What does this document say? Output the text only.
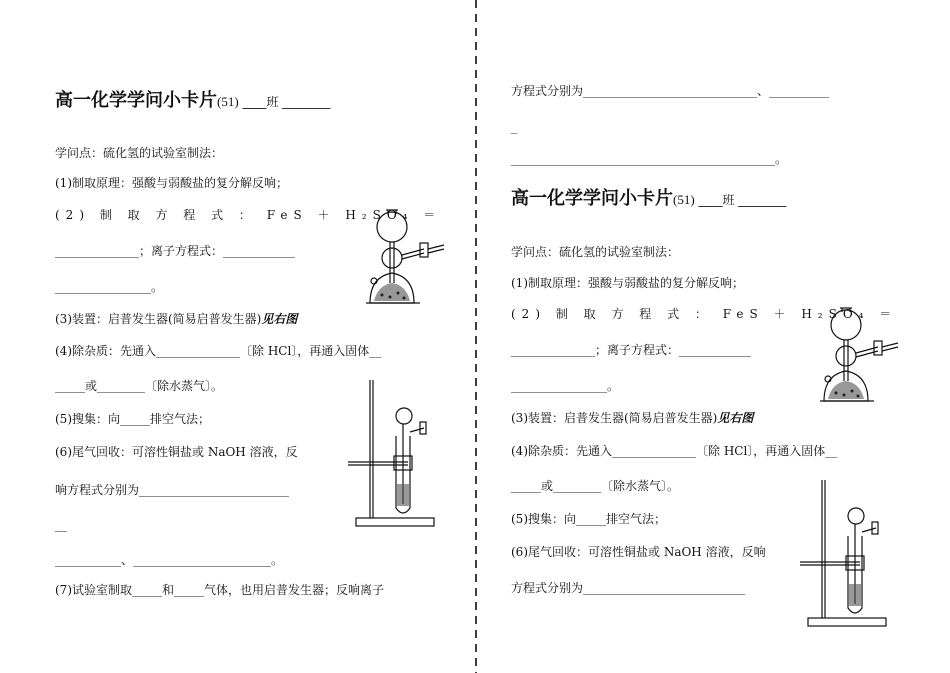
高一化学学问小卡片(51) ____班 ________
学问点：硫化氢的试验室制法：
(1)制取原理：强酸与弱酸盐的复分解反响；
(2) 制 取 方 程 式 ： FeS ＋ H₂SO₄ ＝
______________；离子方程式：____________
________________。
(3)装置：启普发生器(简易启普发生器)见右图
(4)除杂质：先通入______________〔除 HCl〕，再通入固体__
_____或________〔除水蒸气〕。
(5)搜集：向_____排空气法；
(6)尾气回收：可溶性铜盐或 NaOH 溶液，反
响方程式分别为_________________________
__
___________、_______________________。
(7)试验室制取_____和_____气体，也用启普发生器；反响离子
方程式分别为_____________________________、__________
_
____________________________________________。
高一化学学问小卡片(51) ____班 ________
学问点：硫化氢的试验室制法：
(1)制取原理：强酸与弱酸盐的复分解反响；
(2) 制 取 方 程 式 ： FeS ＋ H₂SO₄ ＝
______________；离子方程式：____________
________________。
(3)装置：启普发生器(简易启普发生器)见右图
(4)除杂质：先通入______________〔除 HCl〕，再通入固体__
_____或________〔除水蒸气〕。
(5)搜集：向_____排空气法；
(6)尾气回收：可溶性铜盐或 NaOH 溶液，反响
方程式分别为___________________________
